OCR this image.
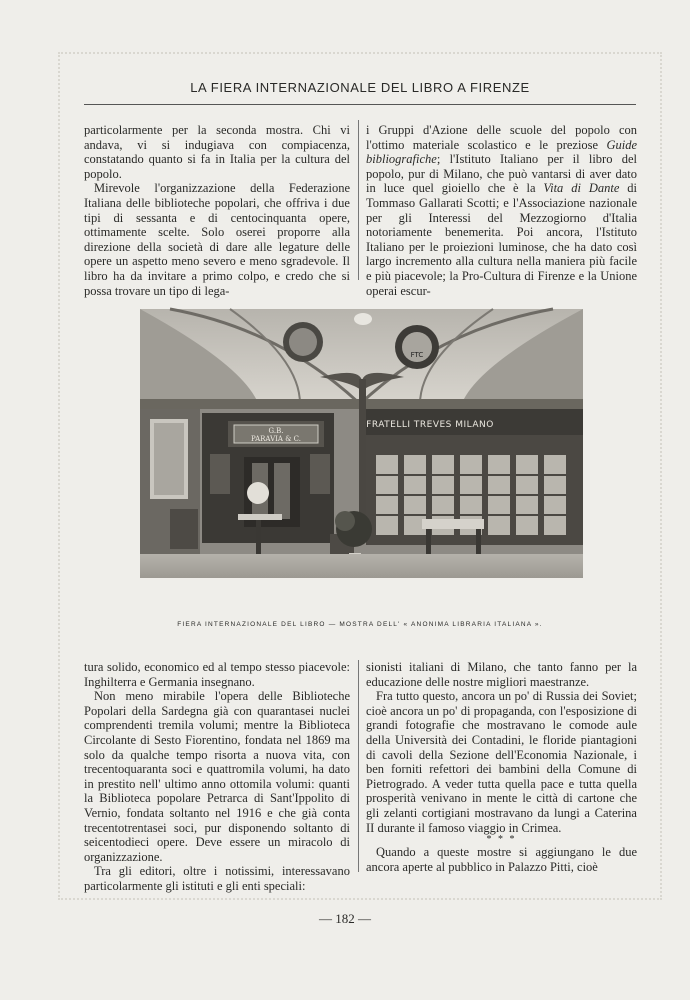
LA FIERA INTERNAZIONALE DEL LIBRO A FIRENZE

particolarmente per la seconda mostra. Chi vi andava, vi si indugiava con compiacenza, constatando quanto si fa in Italia per la cultura del popolo.

Mirevole l'organizzazione della Federazione Italiana delle biblioteche popolari, che offriva i due tipi di sessanta e di centocinquanta opere, ottimamente scelte. Solo oserei proporre alla direzione della società di dare alle legature delle opere un aspetto meno severo e meno sgradevole. Il libro ha da invitare a primo colpo, e credo che si possa trovare un tipo di lega-

i Gruppi d'Azione delle scuole del popolo con l'ottimo materiale scolastico e le preziose Guide bibliografiche; l'Istituto Italiano per il libro del popolo, pur di Milano, che può vantarsi di aver dato in luce quel gioiello che è la Vita di Dante di Tommaso Gallarati Scotti; e l'Associazione nazionale per gli Interessi del Mezzogiorno d'Italia notoriamente benemerita. Poi ancora, l'Istituto Italiano per le proiezioni luminose, che ha dato così largo incremento alla cultura nella maniera più facile e più piacevole; la Pro-Cultura di Firenze e la Unione operai escur-

FTC
G.B.
PARAVIA & C.
FRATELLI TREVES MILANO
FIERA INTERNAZIONALE DEL LIBRO — MOSTRA DELL' « ANONIMA LIBRARIA ITALIANA ».

tura solido, economico ed al tempo stesso piacevole: Inghilterra e Germania insegnano.

Non meno mirabile l'opera delle Biblioteche Popolari della Sardegna già con quarantasei nuclei comprendenti tremila volumi; mentre la Biblioteca Circolante di Sesto Fiorentino, fondata nel 1869 ma solo da qualche tempo risorta a nuova vita, con trecentoquaranta soci e quattromila volumi, ha dato in prestito nell' ultimo anno ottomila volumi: quanti la Biblioteca popolare Petrarca di Sant'Ippolito di Vernio, fondata soltanto nel 1916 e che già conta trecentotrentasei soci, pur disponendo soltanto di seicentodieci opere. Deve essere un miracolo di organizzazione.

Tra gli editori, oltre i notissimi, interessavano particolarmente gli istituti e gli enti speciali:

sionisti italiani di Milano, che tanto fanno per la educazione delle nostre migliori maestranze.

Fra tutto questo, ancora un po' di Russia dei Soviet; cioè ancora un po' di propaganda, con l'esposizione di grandi fotografie che mostravano le comode aule della Università dei Contadini, le floride piantagioni di cavoli della Sezione dell'Economia Nazionale, i ben forniti refettori dei bambini della Comune di Pietrogrado. A veder tutta quella pace e tutta quella prosperità venivano in mente le città di cartone che gli zelanti cortigiani mostravano da lungi a Caterina II durante il famoso viaggio in Crimea.

* * *

Quando a queste mostre si aggiungano le due ancora aperte al pubblico in Palazzo Pitti, cioè

— 182 —
